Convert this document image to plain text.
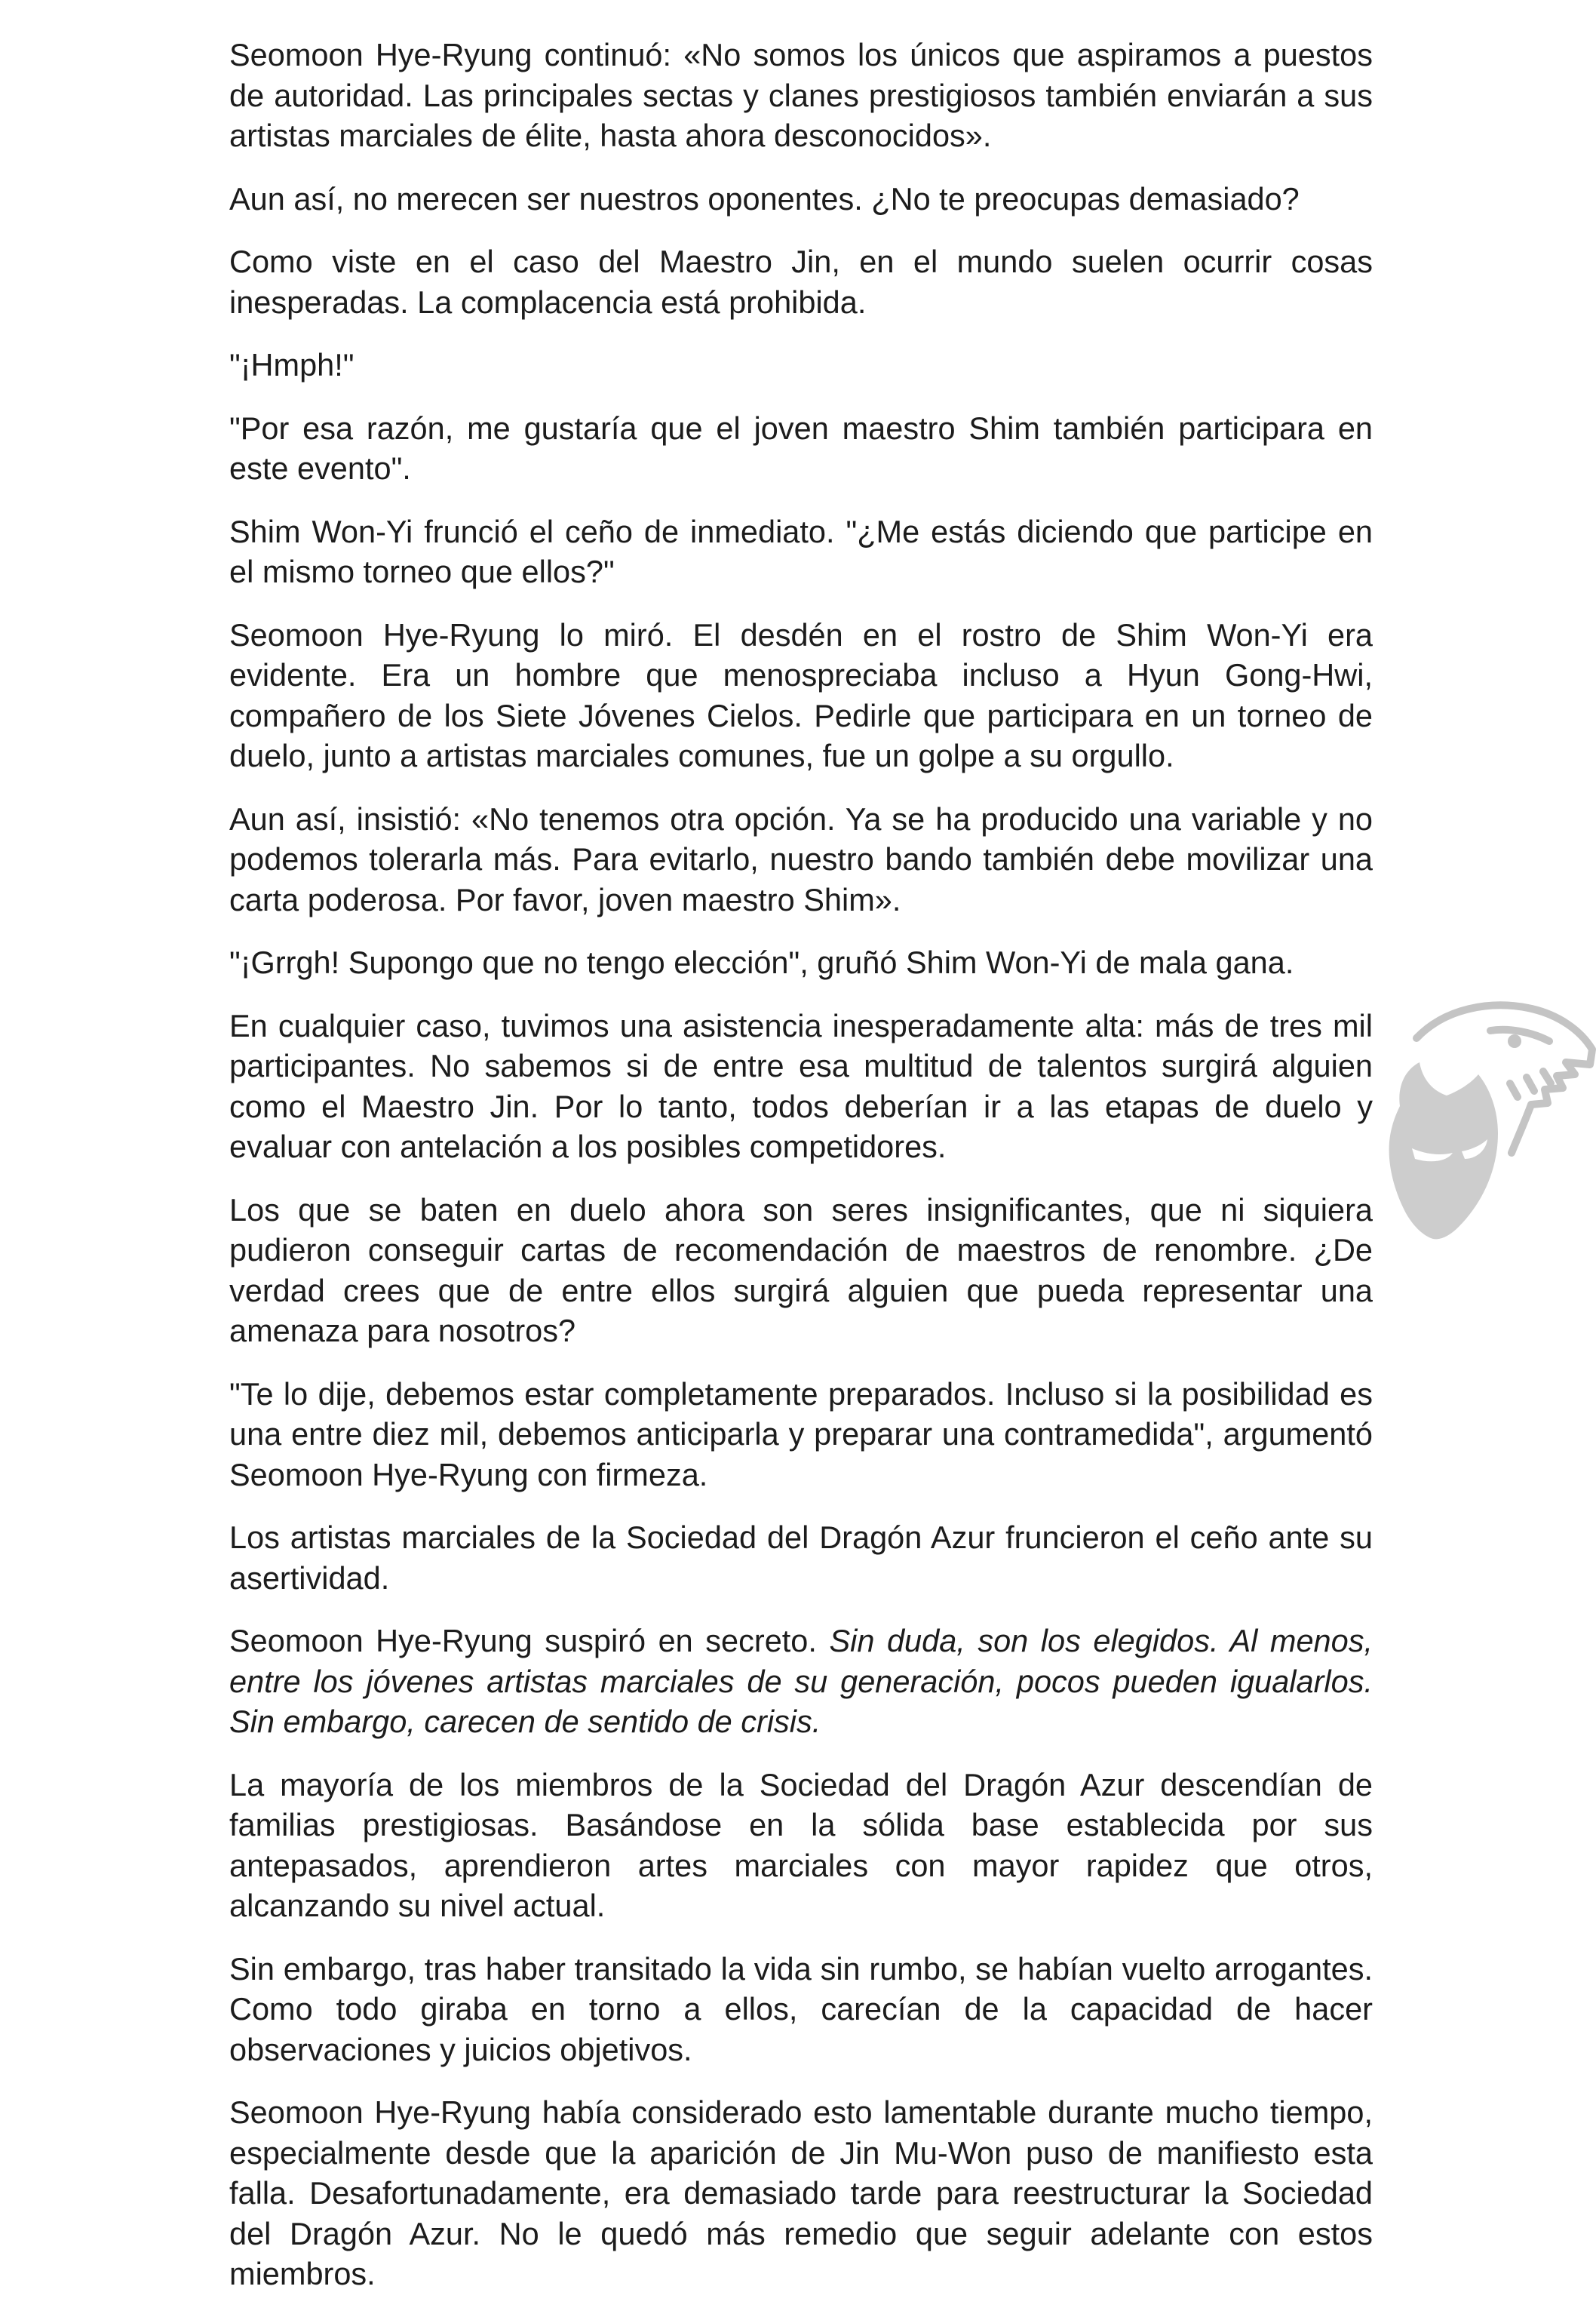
Seomoon Hye-Ryung continuó: «No somos los únicos que aspiramos a puestos de autoridad. Las principales sectas y clanes prestigiosos también enviarán a sus artistas marciales de élite, hasta ahora desconocidos».

Aun así, no merecen ser nuestros oponentes. ¿No te preocupas demasiado?

Como viste en el caso del Maestro Jin, en el mundo suelen ocurrir cosas inesperadas. La complacencia está prohibida.

"¡Hmph!"

"Por esa razón, me gustaría que el joven maestro Shim también participara en este evento".

Shim Won-Yi frunció el ceño de inmediato. "¿Me estás diciendo que participe en el mismo torneo que ellos?"

Seomoon Hye-Ryung lo miró. El desdén en el rostro de Shim Won-Yi era evidente. Era un hombre que menospreciaba incluso a Hyun Gong-Hwi, compañero de los Siete Jóvenes Cielos. Pedirle que participara en un torneo de duelo, junto a artistas marciales comunes, fue un golpe a su orgullo.

Aun así, insistió: «No tenemos otra opción. Ya se ha producido una variable y no podemos tolerarla más. Para evitarlo, nuestro bando también debe movilizar una carta poderosa. Por favor, joven maestro Shim».

"¡Grrgh! Supongo que no tengo elección", gruñó Shim Won-Yi de mala gana.

En cualquier caso, tuvimos una asistencia inesperadamente alta: más de tres mil participantes. No sabemos si de entre esa multitud de talentos surgirá alguien como el Maestro Jin. Por lo tanto, todos deberían ir a las etapas de duelo y evaluar con antelación a los posibles competidores.

Los que se baten en duelo ahora son seres insignificantes, que ni siquiera pudieron conseguir cartas de recomendación de maestros de renombre. ¿De verdad crees que de entre ellos surgirá alguien que pueda representar una amenaza para nosotros?

"Te lo dije, debemos estar completamente preparados. Incluso si la posibilidad es una entre diez mil, debemos anticiparla y preparar una contramedida", argumentó Seomoon Hye-Ryung con firmeza.

Los artistas marciales de la Sociedad del Dragón Azur fruncieron el ceño ante su asertividad.

Seomoon Hye-Ryung suspiró en secreto. Sin duda, son los elegidos. Al menos, entre los jóvenes artistas marciales de su generación, pocos pueden igualarlos. Sin embargo, carecen de sentido de crisis.

La mayoría de los miembros de la Sociedad del Dragón Azur descendían de familias prestigiosas. Basándose en la sólida base establecida por sus antepasados, aprendieron artes marciales con mayor rapidez que otros, alcanzando su nivel actual.

Sin embargo, tras haber transitado la vida sin rumbo, se habían vuelto arrogantes. Como todo giraba en torno a ellos, carecían de la capacidad de hacer observaciones y juicios objetivos.

Seomoon Hye-Ryung había considerado esto lamentable durante mucho tiempo, especialmente desde que la aparición de Jin Mu-Won puso de manifiesto esta falla. Desafortunadamente, era demasiado tarde para reestructurar la Sociedad del Dragón Azur. No le quedó más remedio que seguir adelante con estos miembros.
